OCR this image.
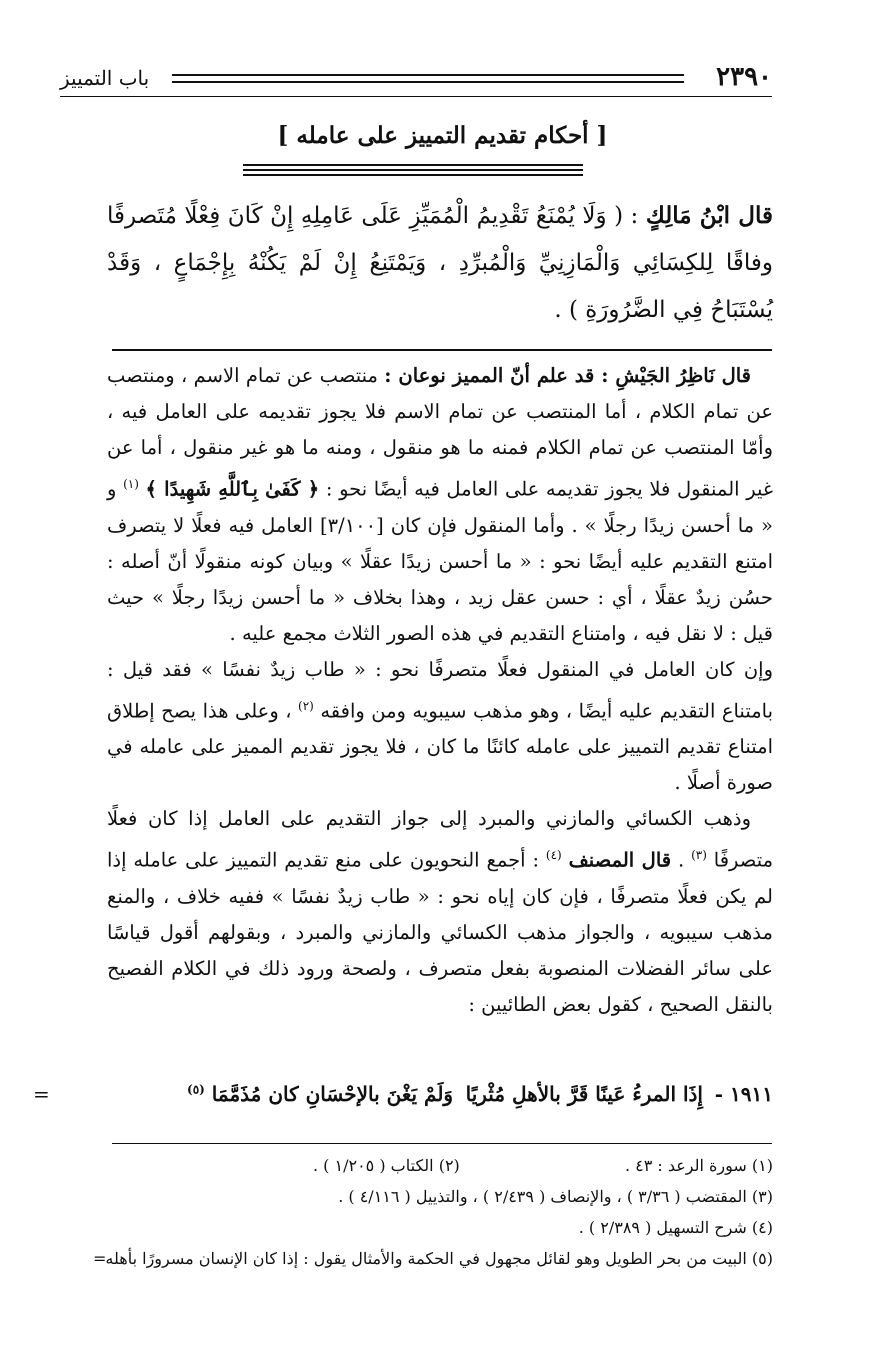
٢٣٩٠
باب التمييز
[ أحكام تقديم التمييز على عامله ]
قال ابْنُ مَالِكٍ : ( وَلَا يُمْنَعُ تَقْدِيمُ الْمُمَيِّزِ عَلَى عَامِلِهِ إِنْ كَانَ فِعْلًا مُتَصرفًا وفاقًا لِلكِسَائِي وَالْمَازِنِيِّ وَالْمُبرِّدِ ، وَيَمْتَنِعُ إِنْ لَمْ يَكُنْهُ بِإِجْمَاعٍ ، وَقَدْ يُسْتَبَاحُ فِي الضَّرُورَةِ ) .

قال نَاظِرُ الجَيْشِ : قد علم أنّ المميز نوعان : منتصب عن تمام الاسم ، ومنتصب عن تمام الكلام ، أما المنتصب عن تمام الاسم فلا يجوز تقديمه على العامل فيه ، وأمّا المنتصب عن تمام الكلام فمنه ما هو منقول ، ومنه ما هو غير منقول ، أما عن غير المنقول فلا يجوز تقديمه على العامل فيه أيضًا نحو : ﴿ كَفَىٰ بِٱللَّهِ شَهِيدًا ﴾ $^{(١)}$ و « ما أحسن زيدًا رجلًا » . وأما المنقول فإن كان [٣/١٠٠] العامل فيه فعلًا لا يتصرف امتنع التقديم عليه أيضًا نحو : « ما أحسن زيدًا عقلًا » وبيان كونه منقولًا أنّ أصله : حسُن زيدٌ عقلًا ، أي : حسن عقل زيد ، وهذا بخلاف « ما أحسن زيدًا رجلًا » حيث قيل : لا نقل فيه ، وامتناع التقديم في هذه الصور الثلاث مجمع عليه .

وإن كان العامل في المنقول فعلًا متصرفًا نحو : « طاب زيدٌ نفسًا » فقد قيل : بامتناع التقديم عليه أيضًا ، وهو مذهب سيبويه ومن وافقه $^{(٢)}$ ، وعلى هذا يصح إطلاق امتناع تقديم التمييز على عامله كائنًا ما كان ، فلا يجوز تقديم المميز على عامله في صورة أصلًا .

وذهب الكسائي والمازني والمبرد إلى جواز التقديم على العامل إذا كان فعلًا متصرفًا $^{(٣)}$ . قال المصنف $^{(٤)}$ : أجمع النحويون على منع تقديم التمييز على عامله إذا لم يكن فعلًا متصرفًا ، فإن كان إياه نحو : « طاب زيدٌ نفسًا » ففيه خلاف ، والمنع مذهب سيبويه ، والجواز مذهب الكسائي والمازني والمبرد ، وبقولهم أقول قياسًا على سائر الفضلات المنصوبة بفعل متصرف ، ولصحة ورود ذلك في الكلام الفصيح بالنقل الصحيح ، كقول بعض الطائيين :

١٩١١ -
إِذَا المرءُ عَينًا قَرَّ بالأهلِ مُثْريًا
وَلَمْ يَغْنَ بالإحْسَانِ كان مُذَمَّمَا $^{(٥)}$
=
(١) سورة الرعد : ٤٣ .
(٢) الكتاب ( ١/٢٠٥ ) .
(٣) المقتضب ( ٣/٣٦ ) ، والإنصاف ( ٢/٤٣٩ ) ، والتذييل ( ٤/١١٦ ) .
(٤) شرح التسهيل ( ٢/٣٨٩ ) .
(٥) البيت من بحر الطويل وهو لقائل مجهول في الحكمة والأمثال يقول : إذا كان الإنسان مسرورًا بأهله
=
